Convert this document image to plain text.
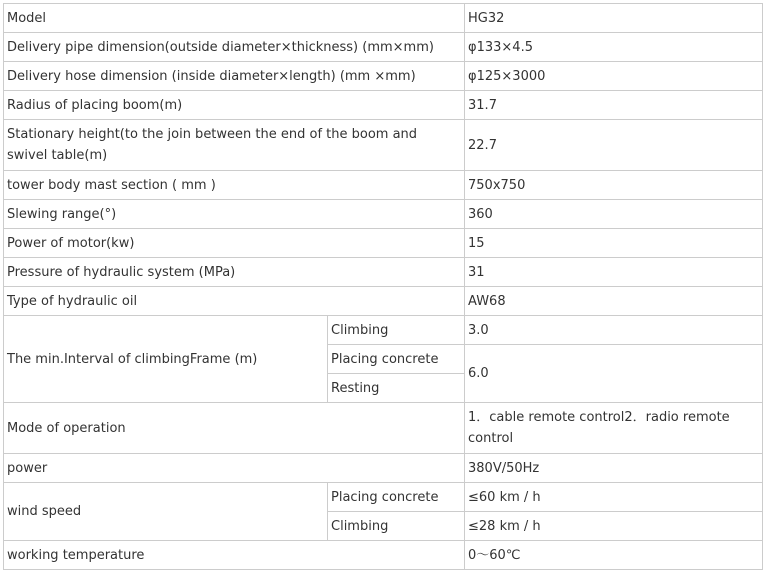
Model		HG32
Delivery pipe dimension(outside diameter×thickness) (mm×mm)		φ133×4.5
Delivery hose dimension (inside diameter×length) (mm ×mm)		φ125×3000
Radius of placing boom(m)		31.7
Stationary height(to the join between the end of the boom and swivel table(m)		22.7
tower body mast section ( mm )		750x750
Slewing range(°)		360
Power of motor(kw)		15
Pressure of hydraulic system (MPa)		31
Type of hydraulic oil		AW68
The min.Interval of climbingFrame (m)	Climbing	3.0
	Placing concrete	6.0
	Resting	
Mode of operation		1．cable remote control2．radio remote control
power		380V/50Hz
wind speed	Placing concrete	≤60 km / h
	Climbing	≤28 km / h
working temperature		0～60℃
